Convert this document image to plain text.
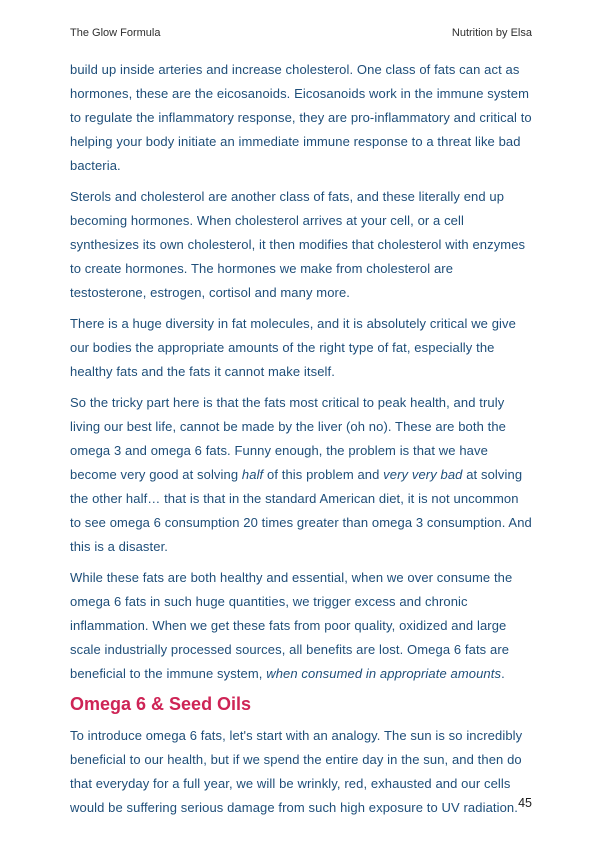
The Glow Formula	Nutrition by Elsa

build up inside arteries and increase cholesterol. One class of fats can act as hormones, these are the eicosanoids. Eicosanoids work in the immune system to regulate the inflammatory response, they are pro-inflammatory and critical to helping your body initiate an immediate immune response to a threat like bad bacteria.

Sterols and cholesterol are another class of fats, and these literally end up becoming hormones. When cholesterol arrives at your cell, or a cell synthesizes its own cholesterol, it then modifies that cholesterol with enzymes to create hormones. The hormones we make from cholesterol are testosterone, estrogen, cortisol and many more.

There is a huge diversity in fat molecules, and it is absolutely critical we give our bodies the appropriate amounts of the right type of fat, especially the healthy fats and the fats it cannot make itself.

So the tricky part here is that the fats most critical to peak health, and truly living our best life, cannot be made by the liver (oh no). These are both the omega 3 and omega 6 fats. Funny enough, the problem is that we have become very good at solving half of this problem and very very bad at solving the other half… that is that in the standard American diet, it is not uncommon to see omega 6 consumption 20 times greater than omega 3 consumption. And this is a disaster.

While these fats are both healthy and essential, when we over consume the omega 6 fats in such huge quantities, we trigger excess and chronic inflammation. When we get these fats from poor quality, oxidized and large scale industrially processed sources, all benefits are lost. Omega 6 fats are beneficial to the immune system, when consumed in appropriate amounts.

Omega 6 & Seed Oils

To introduce omega 6 fats, let's start with an analogy. The sun is so incredibly beneficial to our health, but if we spend the entire day in the sun, and then do that everyday for a full year, we will be wrinkly, red, exhausted and our cells would be suffering serious damage from such high exposure to UV radiation. 45
